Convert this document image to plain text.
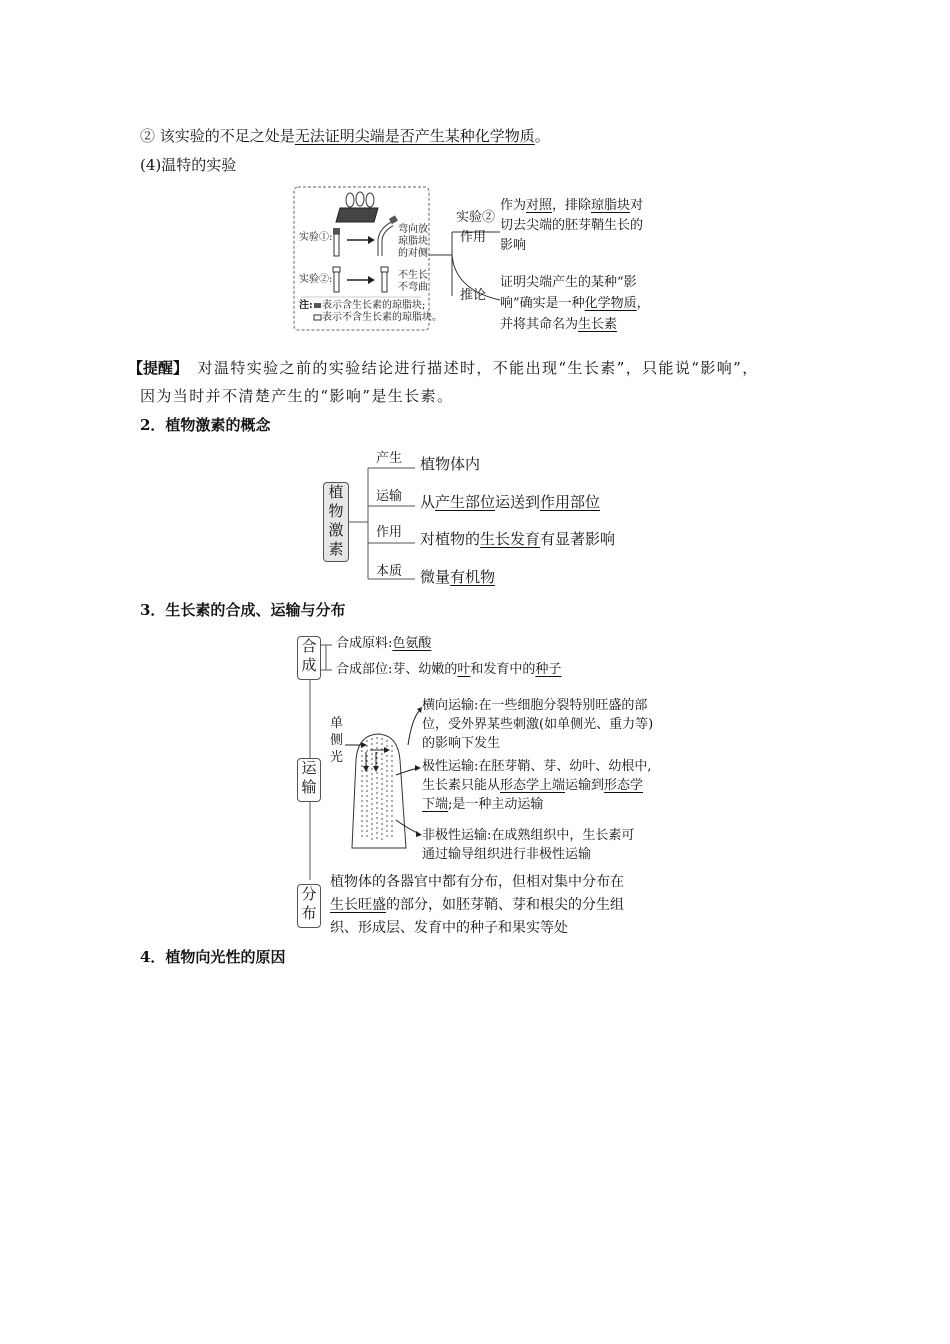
② 该实验的不足之处是无法证明尖端是否产生某种化学物质。
(4)温特的实验
实验①:
弯向放
琼脂块
的对侧
实验②:	不生长
不弯曲
注: 表示含生长素的琼脂块;
表示不含生长素的琼脂块。
实验②
作用
推论
作为对照，排除琼脂块对
切去尖端的胚芽鞘生长的
影响
证明尖端产生的某种“影
响”确实是一种化学物质，
并将其命名为生长素
【提醒】 对温特实验之前的实验结论进行描述时，不能出现“生长素”，只能说“影响”，
因为当时并不清楚产生的“影响”是生长素。
2．植物激素的概念
植
物
激
素
产生 植物体内
运输 从产生部位运送到作用部位
作用 对植物的生长发育有显著影响
本质 微量有机物
3．生长素的合成、运输与分布
合
成
合成原料:色氨酸
合成部位:芽、幼嫩的叶和发育中的种子
单
侧
光
运
输
横向运输:在一些细胞分裂特别旺盛的部
位，受外界某些刺激(如单侧光、重力等)
的影响下发生
极性运输:在胚芽鞘、芽、幼叶、幼根中,
生长素只能从形态学上端运输到形态学
下端;是一种主动运输
非极性运输:在成熟组织中，生长素可
通过输导组织进行非极性运输
分
布
植物体的各器官中都有分布，但相对集中分布在
生长旺盛的部分，如胚芽鞘、芽和根尖的分生组
织、形成层、发育中的种子和果实等处
4．植物向光性的原因
